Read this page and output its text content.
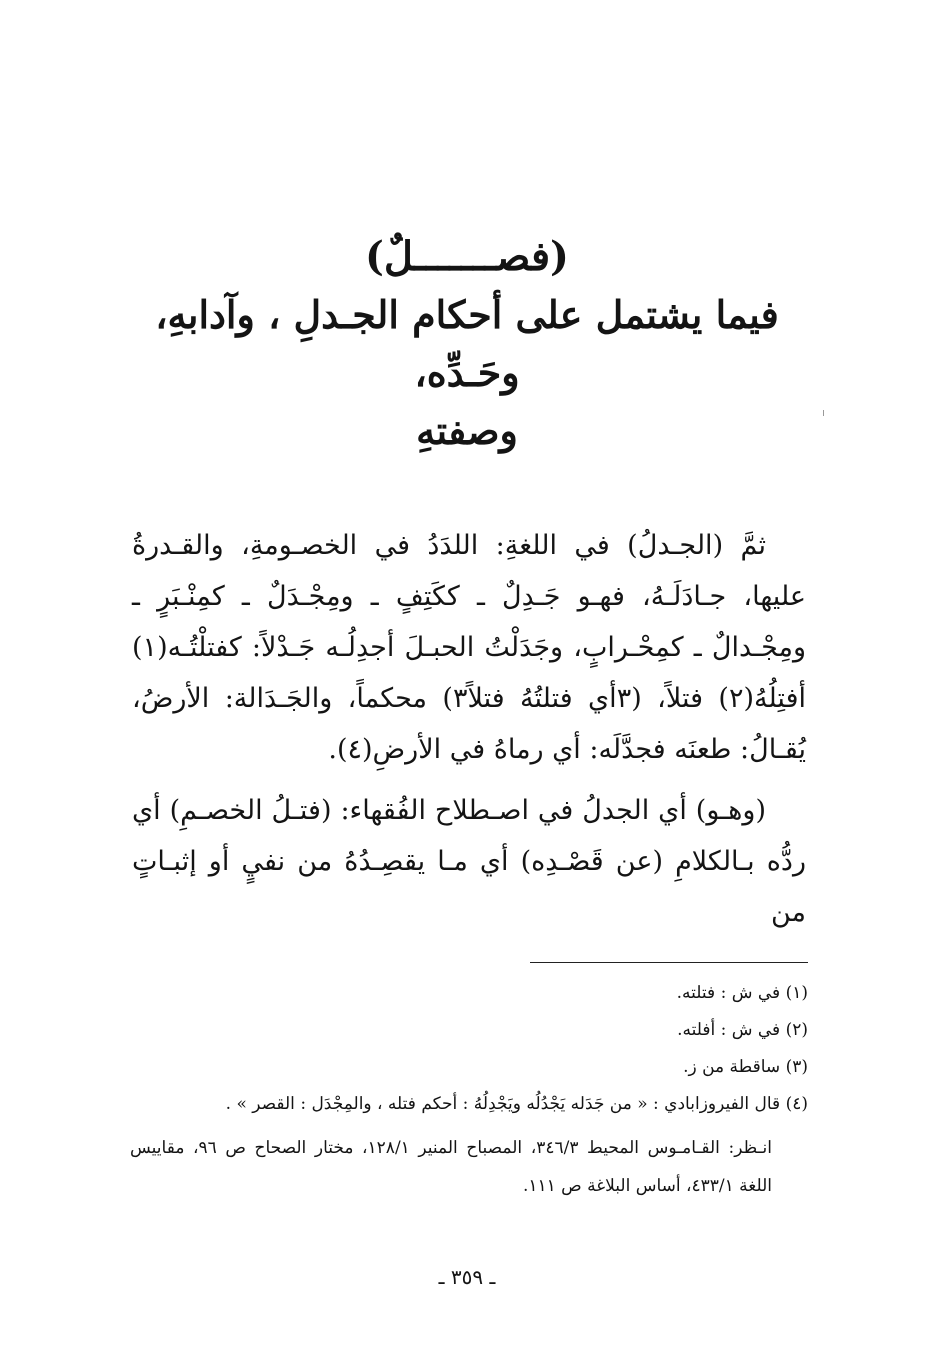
(فصـــــــلٌ)
فيما يشتمل على أحكام الجـدلِ ، وآدابهِ، وحَـدِّه،
وصفتهِ

ثمَّ (الجـدلُ) في اللغةِ: اللدَدُ في الخصـومةِ، والقـدرةُ عليها، جـادَلَـهُ، فهـو جَـدِلٌ ـ ككَتِفٍ ـ ومِجْـدَلٌ ـ كمِنْـبَرٍ ـ ومِجْـدالٌ ـ كمِحْـرابٍ، وجَدَلْتُ الحبـلَ أجدِلُـه جَـدْلاً: كفتلْتُـه(١) أفتِلُهُ(٢) فتلاً، (٣أي فتلتُهُ فتلاً٣) محكماً، والجَـدَالة: الأرضُ، يُقـالُ: طعنَه فجدَّلَه: أي رماهُ في الأرضِ(٤).

(وهـو) أي الجدلُ في اصـطلاح الفُقهاء: (فتـلُ الخصـمِ) أي ردُّه بـالكلامِ (عن قَصْـدِه) أي مـا يقصِـدُهُ من نفيٍ أو إثبـاتٍ من

(١) في ش : فتلته.
(٢) في ش : أفلته.
(٣) ساقطة من ز.
(٤) قال الفيروزابادي : « من جَدَله يَجْدُلُه ويَجْدِلُهُ : أحكم فتله ، والمِجْدَل : القصر » .
انـظر: القـامـوس المحيط ٣٤٦/٣، المصباح المنير ١٢٨/١، مختار الصحاح ص ٩٦، مقاييس اللغة ٤٣٣/١، أساس البلاغة ص ١١١.
ـ ٣٥٩ ـ
